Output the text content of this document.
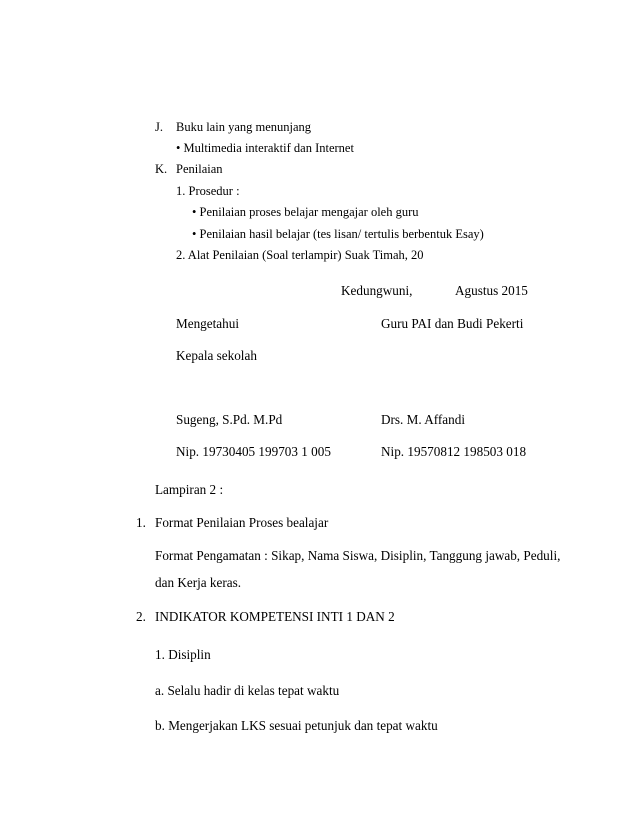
J. Buku lain yang menunjang
• Multimedia interaktif dan Internet
K. Penilaian
1. Prosedur :
• Penilaian proses belajar mengajar oleh guru
• Penilaian hasil belajar (tes lisan/ tertulis berbentuk Esay)
2. Alat Penilaian (Soal terlampir) Suak Timah, 20
Kedungwuni,	Agustus 2015
Mengetahui	Guru PAI dan Budi Pekerti
Kepala sekolah
Sugeng, S.Pd. M.Pd	Drs. M. Affandi
Nip. 19730405 199703 1 005	Nip. 19570812 198503 018
Lampiran 2 :
1. Format Penilaian Proses bealajar
Format Pengamatan : Sikap, Nama Siswa, Disiplin, Tanggung jawab, Peduli,
dan Kerja keras.
2. INDIKATOR KOMPETENSI INTI 1 DAN 2
1. Disiplin
a. Selalu hadir di kelas tepat waktu
b. Mengerjakan LKS sesuai petunjuk dan tepat waktu
